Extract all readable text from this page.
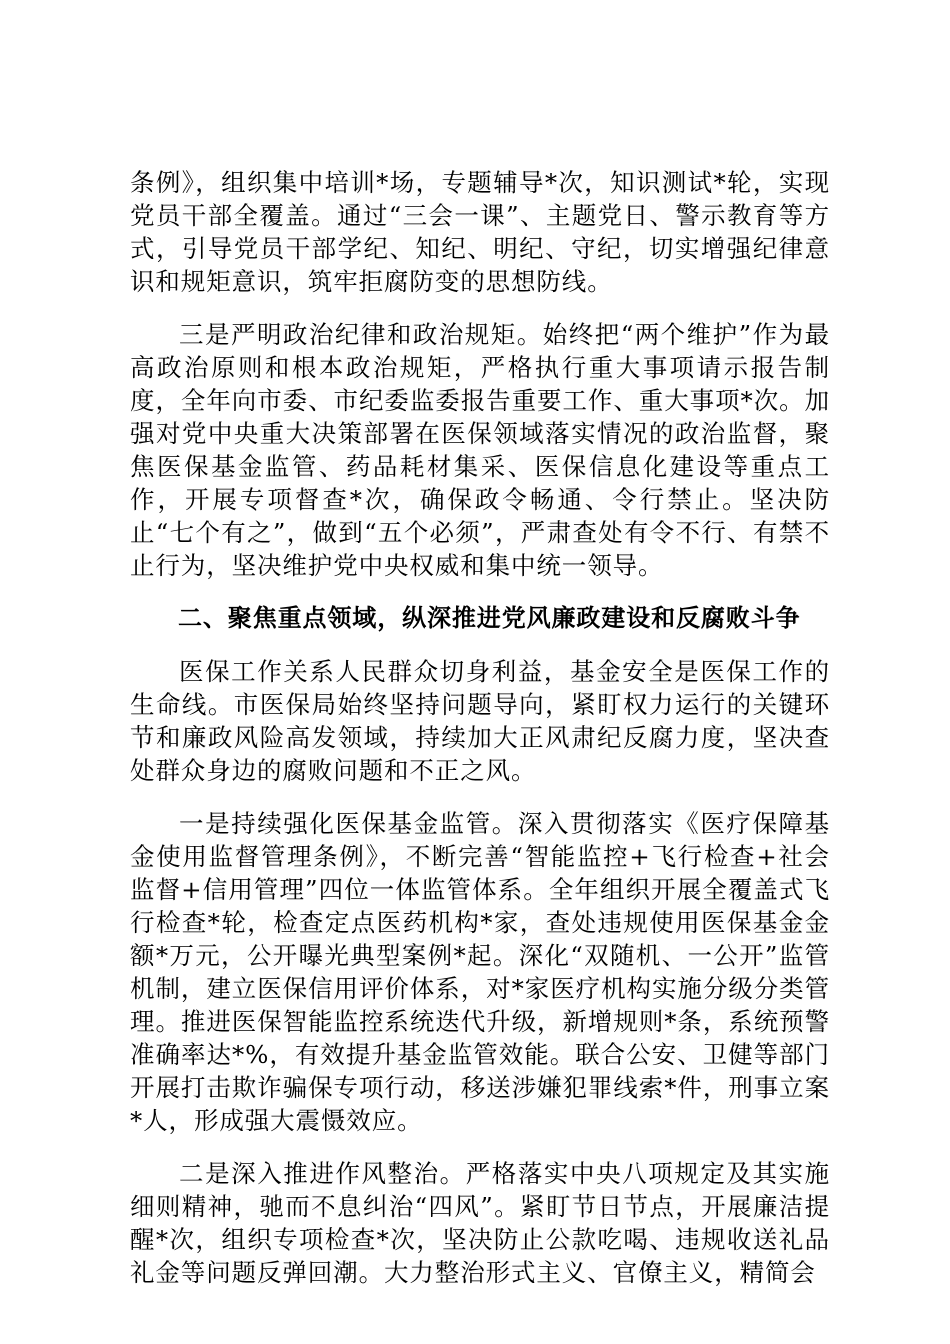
条例》，组织集中培训*场，专题辅导*次，知识测试*轮，实现党员干部全覆盖。通过“三会一课”、主题党日、警示教育等方式，引导党员干部学纪、知纪、明纪、守纪，切实增强纪律意识和规矩意识，筑牢拒腐防变的思想防线。

三是严明政治纪律和政治规矩。始终把“两个维护”作为最高政治原则和根本政治规矩，严格执行重大事项请示报告制度，全年向市委、市纪委监委报告重要工作、重大事项*次。加强对党中央重大决策部署在医保领域落实情况的政治监督，聚焦医保基金监管、药品耗材集采、医保信息化建设等重点工作，开展专项督查*次，确保政令畅通、令行禁止。坚决防止“七个有之”，做到“五个必须”，严肃查处有令不行、有禁不止行为，坚决维护党中央权威和集中统一领导。

二、聚焦重点领域，纵深推进党风廉政建设和反腐败斗争

医保工作关系人民群众切身利益，基金安全是医保工作的生命线。市医保局始终坚持问题导向，紧盯权力运行的关键环节和廉政风险高发领域，持续加大正风肃纪反腐力度，坚决查处群众身边的腐败问题和不正之风。

一是持续强化医保基金监管。深入贯彻落实《医疗保障基金使用监督管理条例》，不断完善“智能监控+飞行检查+社会监督+信用管理”四位一体监管体系。全年组织开展全覆盖式飞行检查*轮，检查定点医药机构*家，查处违规使用医保基金金额*万元，公开曝光典型案例*起。深化“双随机、一公开”监管机制，建立医保信用评价体系，对*家医疗机构实施分级分类管理。推进医保智能监控系统迭代升级，新增规则*条，系统预警准确率达*%，有效提升基金监管效能。联合公安、卫健等部门开展打击欺诈骗保专项行动，移送涉嫌犯罪线索*件，刑事立案*人，形成强大震慑效应。

二是深入推进作风整治。严格落实中央八项规定及其实施细则精神，驰而不息纠治“四风”。紧盯节日节点，开展廉洁提醒*次，组织专项检查*次，坚决防止公款吃喝、违规收送礼品礼金等问题反弹回潮。大力整治形式主义、官僚主义，精简会
